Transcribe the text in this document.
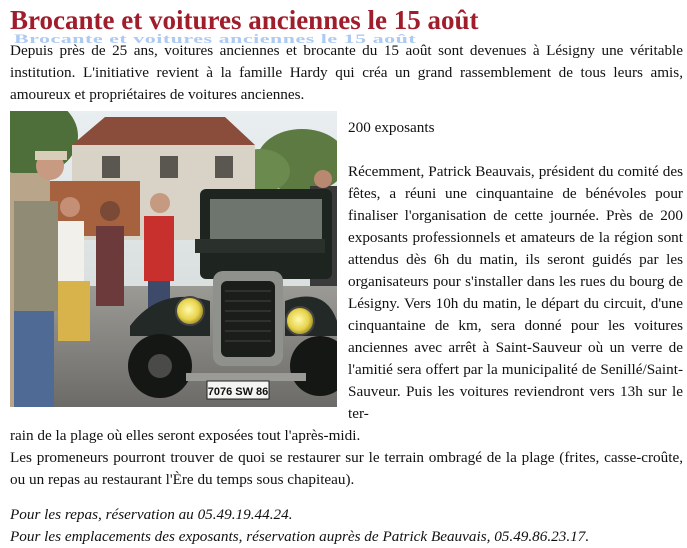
Brocante et voitures anciennes le 15 août
Brocante et voitures anciennes le 15 août

Depuis près de 25 ans, voitures anciennes et brocante du 15 août sont devenues à Lésigny une véritable institution. L'initiative revient à la famille Hardy qui créa un grand rassemblement de tous leurs amis, amoureux et propriétaires de voitures anciennes.

7076 SW 86

200 exposants

Récemment, Patrick Beauvais, président du comité des fêtes, a réuni une cinquantaine de bénévoles pour finaliser l'organisation de cette journée. Près de 200 exposants professionnels et amateurs de la région sont attendus dès 6h du matin, ils seront guidés par les organisateurs pour s'installer dans les rues du bourg de Lésigny. Vers 10h du matin, le départ du circuit, d'une cinquantaine de km, sera donné pour les voitures anciennes avec arrêt à Saint-Sauveur où un verre de l'amitié sera offert par la municipalité de Senillé/Saint-Sauveur. Puis les voitures reviendront vers 13h sur le ter-

rain de la plage où elles seront exposées tout l'après-midi.
Les promeneurs pourront trouver de quoi se restaurer sur le terrain ombragé de la plage (frites, casse-croûte, ou un repas au restaurant l'Ère du temps sous chapiteau).

Pour les repas, réservation au 05.49.19.44.24.

Pour les emplacements des exposants, réservation auprès de Patrick Beauvais, 05.49.86.23.17.
